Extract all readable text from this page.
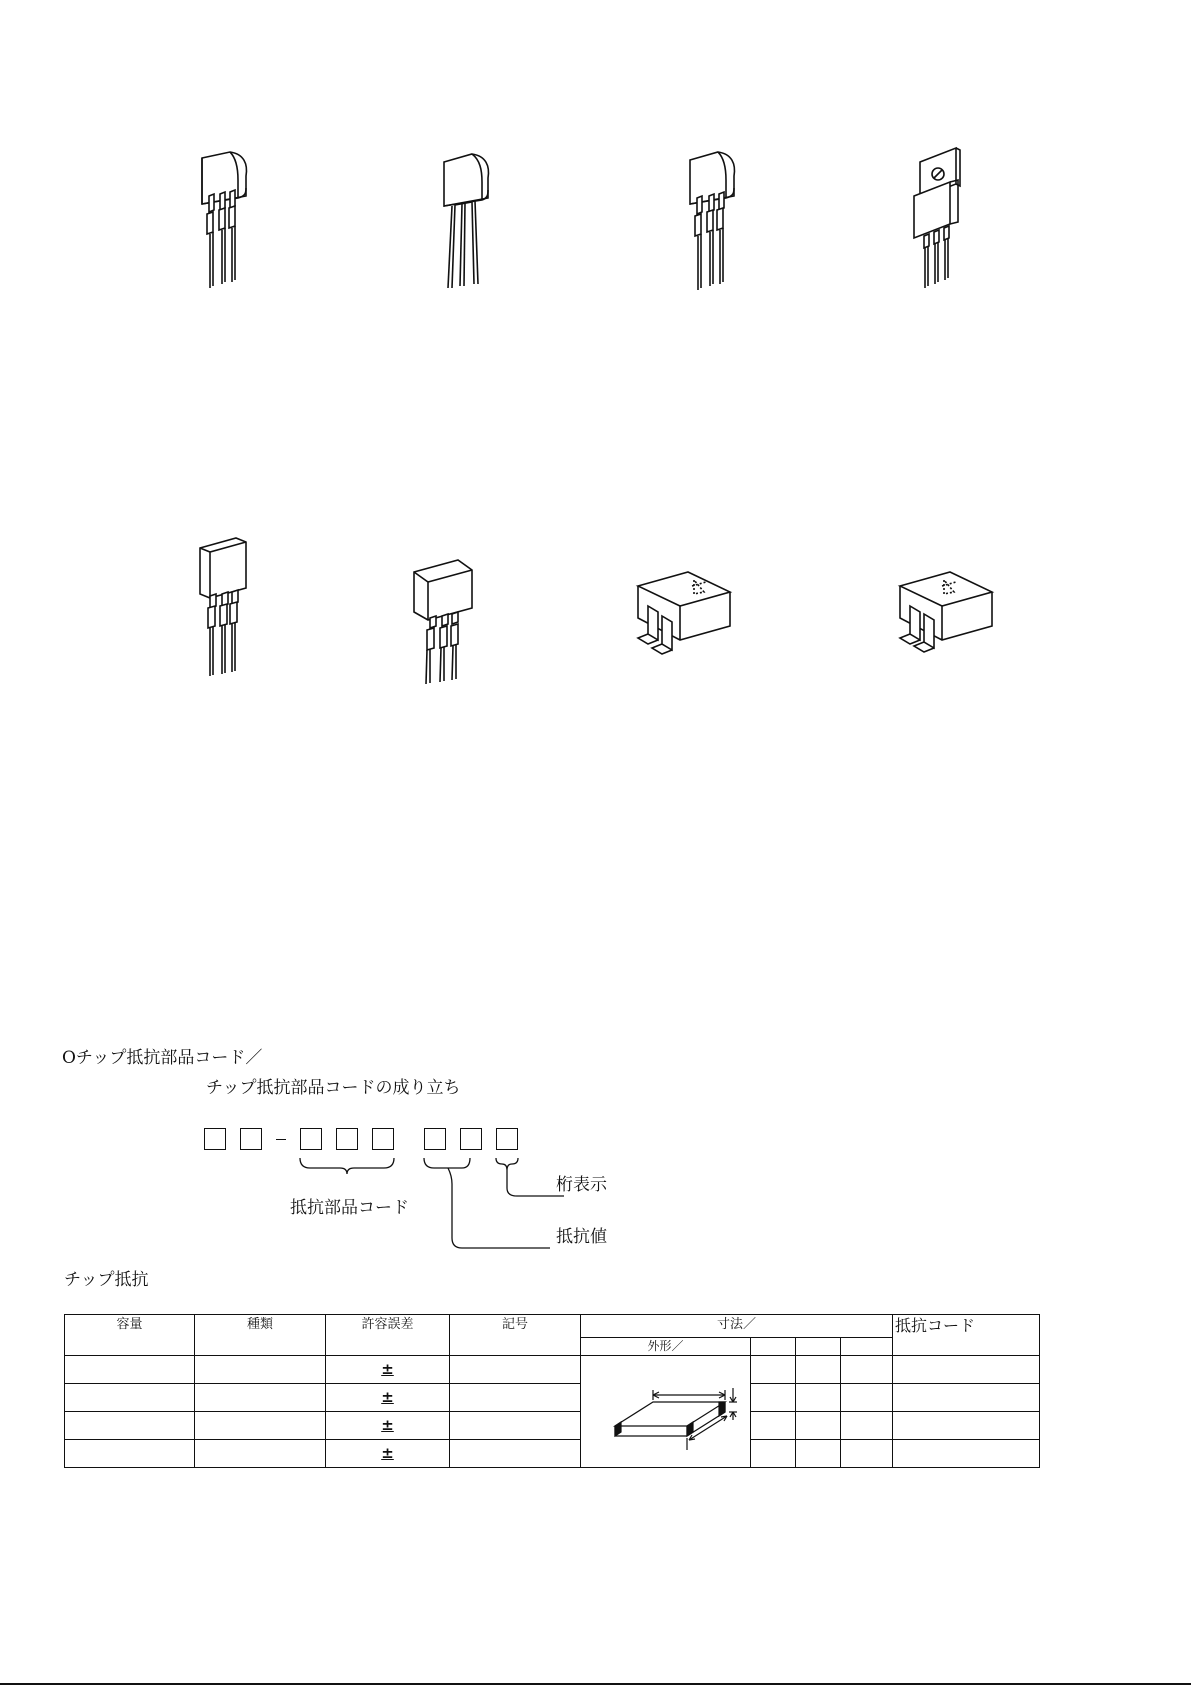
Oチップ抵抗部品コード／
チップ抵抗部品コードの成り立ち
抵抗部品コード
桁表示
抵抗値
チップ抵抗
容量	種類	許容誤差	記号	寸法／				抵抗コード

				外形／				

		±		

		±						
		±						
		±						
